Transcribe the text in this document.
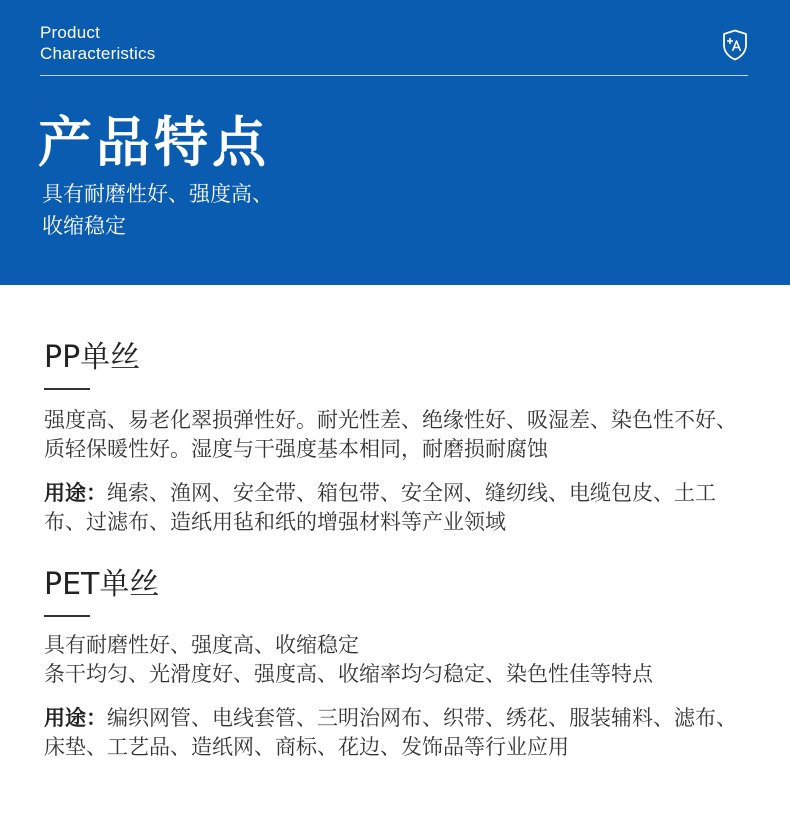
Product
Characteristics
产品特点
具有耐磨性好、强度高、
收缩稳定
PP单丝
强度高、易老化翠损弹性好。耐光性差、绝缘性好、吸湿差、染色性不好、质轻保暖性好。湿度与干强度基本相同，耐磨损耐腐蚀
用途：绳索、渔网、安全带、箱包带、安全网、缝纫线、电缆包皮、土工布、过滤布、造纸用毡和纸的增强材料等产业领域
PET单丝
具有耐磨性好、强度高、收缩稳定
条干均匀、光滑度好、强度高、收缩率均匀稳定、染色性佳等特点
用途：编织网管、电线套管、三明治网布、织带、绣花、服装辅料、滤布、床垫、工艺品、造纸网、商标、花边、发饰品等行业应用
